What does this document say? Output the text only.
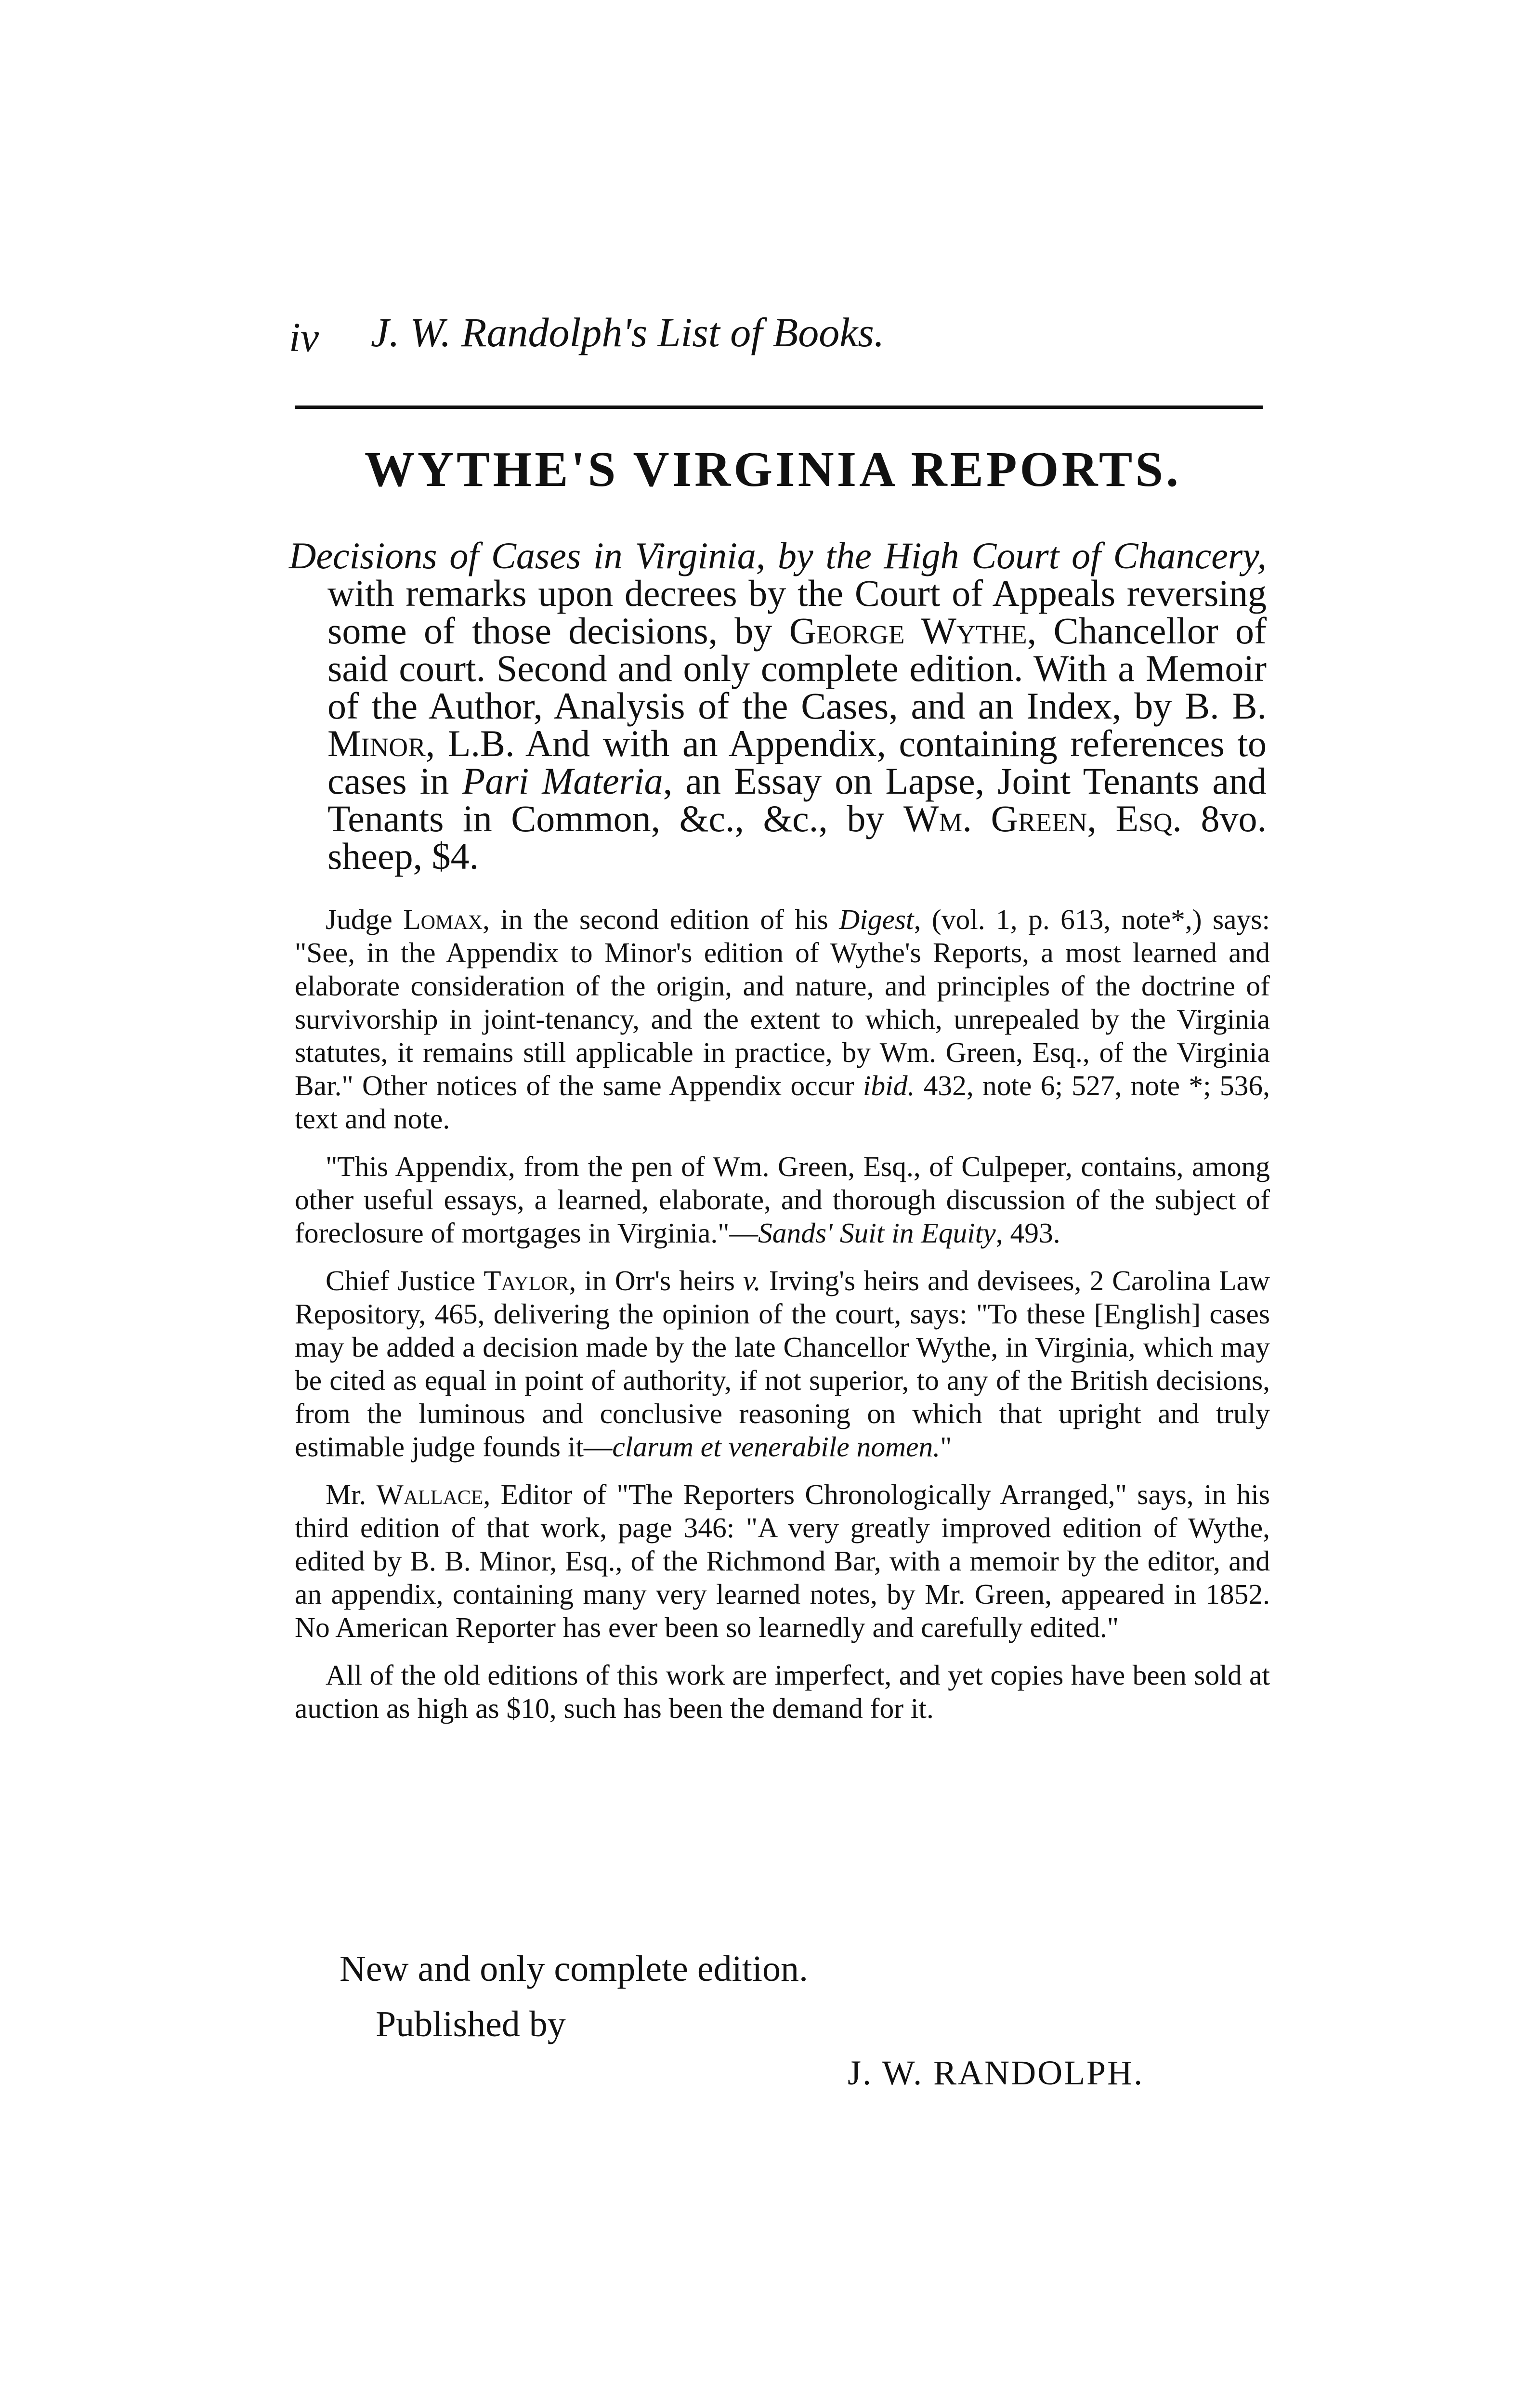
iv J. W. Randolph's List of Books.
WYTHE'S VIRGINIA REPORTS.

Decisions of Cases in Virginia, by the High Court of Chancery, with remarks upon decrees by the Court of Appeals reversing some of those decisions, by George Wythe, Chancellor of said court. Second and only complete edition. With a Memoir of the Author, Analysis of the Cases, and an Index, by B. B. Minor, L.B. And with an Appendix, containing references to cases in Pari Materia, an Essay on Lapse, Joint Tenants and Tenants in Common, &c., &c., by Wm. Green, Esq. 8vo. sheep, $4.

Judge Lomax, in the second edition of his Digest, (vol. 1, p. 613, note*,) says: "See, in the Appendix to Minor's edition of Wythe's Reports, a most learned and elaborate consideration of the origin, and nature, and principles of the doctrine of survivorship in joint-tenancy, and the extent to which, unrepealed by the Virginia statutes, it remains still applicable in practice, by Wm. Green, Esq., of the Virginia Bar." Other notices of the same Appendix occur ibid. 432, note 6; 527, note *; 536, text and note.

"This Appendix, from the pen of Wm. Green, Esq., of Culpeper, contains, among other useful essays, a learned, elaborate, and thorough discussion of the subject of foreclosure of mortgages in Virginia."—Sands' Suit in Equity, 493.

Chief Justice Taylor, in Orr's heirs v. Irving's heirs and devisees, 2 Carolina Law Repository, 465, delivering the opinion of the court, says: "To these [English] cases may be added a decision made by the late Chancellor Wythe, in Virginia, which may be cited as equal in point of authority, if not superior, to any of the British decisions, from the luminous and conclusive reasoning on which that upright and truly estimable judge founds it—clarum et venerabile nomen."

Mr. Wallace, Editor of "The Reporters Chronologically Arranged," says, in his third edition of that work, page 346: "A very greatly improved edition of Wythe, edited by B. B. Minor, Esq., of the Richmond Bar, with a memoir by the editor, and an appendix, containing many very learned notes, by Mr. Green, appeared in 1852. No American Reporter has ever been so learnedly and carefully edited."

All of the old editions of this work are imperfect, and yet copies have been sold at auction as high as $10, such has been the demand for it.

New and only complete edition.
Published by
J. W. RANDOLPH.
